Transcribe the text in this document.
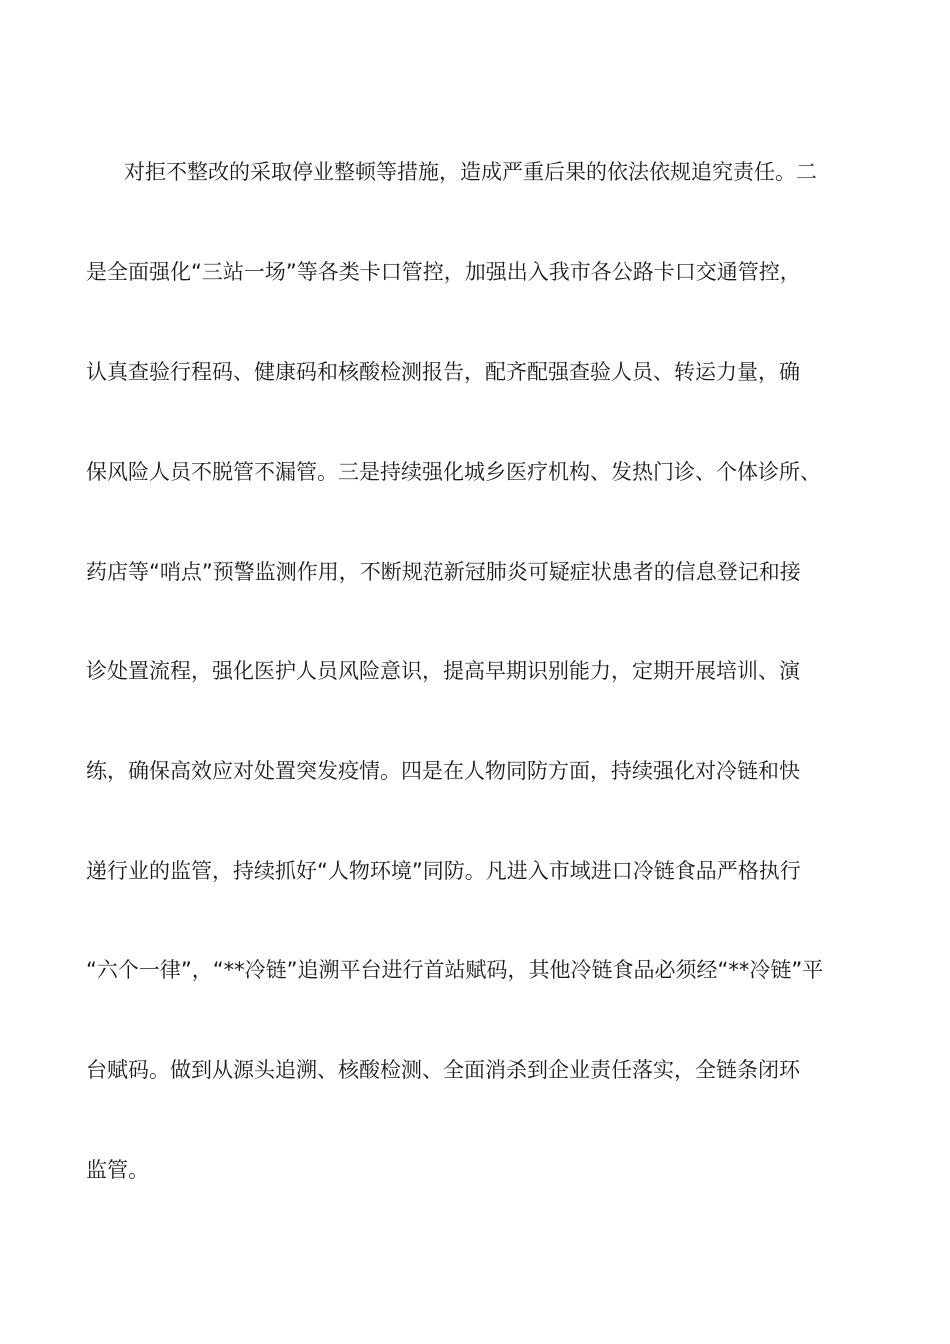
对拒不整改的采取停业整顿等措施，造成严重后果的依法依规追究责任。二
是全面强化“三站一场”等各类卡口管控，加强出入我市各公路卡口交通管控，
认真查验行程码、健康码和核酸检测报告，配齐配强查验人员、转运力量，确
保风险人员不脱管不漏管。三是持续强化城乡医疗机构、发热门诊、个体诊所、
药店等“哨点”预警监测作用，不断规范新冠肺炎可疑症状患者的信息登记和接
诊处置流程，强化医护人员风险意识，提高早期识别能力，定期开展培训、演
练，确保高效应对处置突发疫情。四是在人物同防方面，持续强化对冷链和快
递行业的监管，持续抓好“人物环境”同防。凡进入市域进口冷链食品严格执行
“六个一律”，“**冷链”追溯平台进行首站赋码，其他冷链食品必须经“**冷链”平
台赋码。做到从源头追溯、核酸检测、全面消杀到企业责任落实，全链条闭环
监管。
